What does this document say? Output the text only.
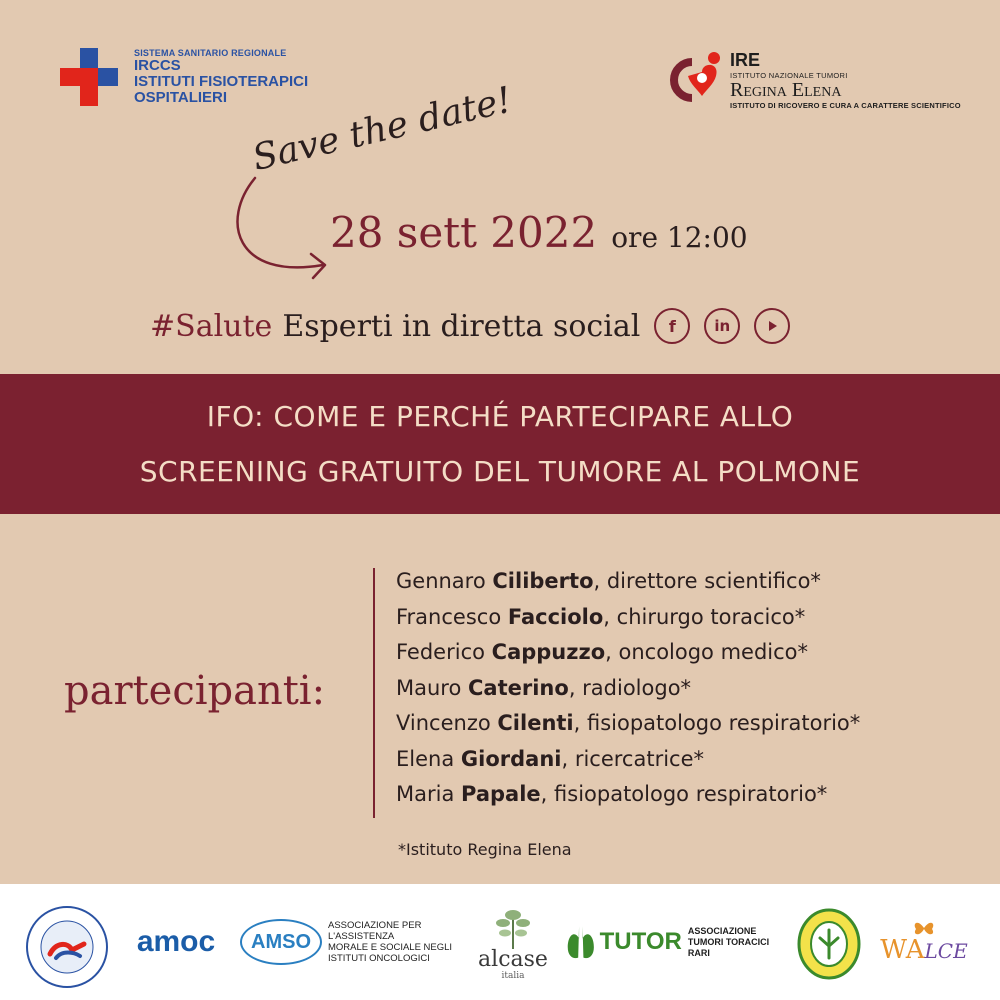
SISTEMA SANITARIO REGIONALE
IRCCS
ISTITUTI FISIOTERAPICI
OSPITALIERI
IRE
ISTITUTO NAZIONALE TUMORI
Regina Elena
ISTITUTO DI RICOVERO E CURA A CARATTERE SCIENTIFICO
Save the date!
28 sett 2022 ore 12:00
#Salute Esperti in diretta social	f	in
IFO: COME E PERCHÉ PARTECIPARE ALLO
SCREENING GRATUITO DEL TUMORE AL POLMONE
partecipanti:
Gennaro Ciliberto, direttore scientifico*
Francesco Facciolo, chirurgo toracico*
Federico Cappuzzo, oncologo medico*
Mauro Caterino, radiologo*
Vincenzo Cilenti, fisiopatologo respiratorio*
Elena Giordani, ricercatrice*
Maria Papale, fisiopatologo respiratorio*
*Istituto Regina Elena
amoc	AMSO
ASSOCIAZIONE PER
L'ASSISTENZA
MORALE E SOCIALE NEGLI
ISTITUTI ONCOLOGICI	alcase
italia
TUTOR ASSOCIAZIONE
TUMORI TORACICI RARI	WALCE
